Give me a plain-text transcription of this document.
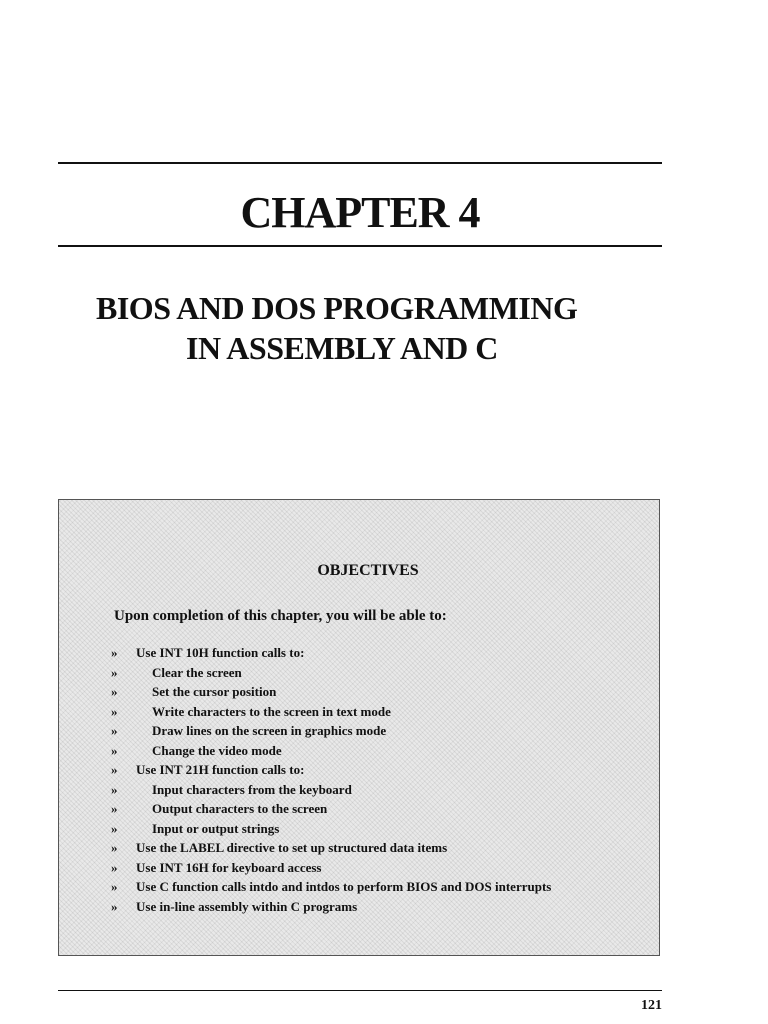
CHAPTER 4
BIOS AND DOS PROGRAMMING
IN ASSEMBLY AND C
OBJECTIVES
Upon completion of this chapter, you will be able to:
» Use INT 10H function calls to:
»	Clear the screen
»	Set the cursor position
»	Write characters to the screen in text mode
»	Draw lines on the screen in graphics mode
»	Change the video mode
» Use INT 21H function calls to:
»	Input characters from the keyboard
»	Output characters to the screen
»	Input or output strings
» Use the LABEL directive to set up structured data items
» Use INT 16H for keyboard access
» Use C function calls intdo and intdos to perform BIOS and DOS interrupts
» Use in-line assembly within C programs
121
